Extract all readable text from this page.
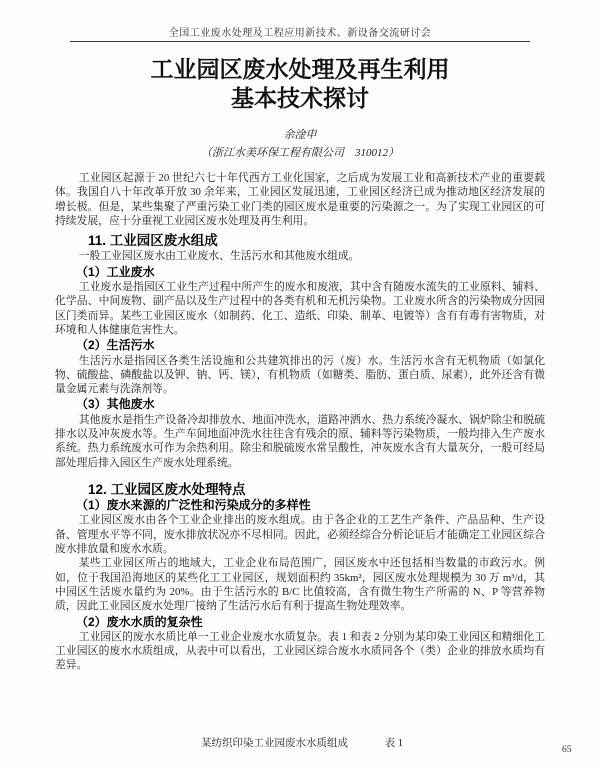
全国工业废水处理及工程应用新技术、新设备交流研讨会
工业园区废水处理及再生利用
基本技术探讨
余淦申
（浙江水美环保工程有限公司　310012）

工业园区起源于 20 世纪六七十年代西方工业化国家，之后成为发展工业和高新技术产业的重要载体。我国自八十年改革开放 30 余年来，工业园区发展迅速，工业园区经济已成为推动地区经济发展的增长极。但是，某些集聚了严重污染工业门类的园区废水是重要的污染源之一。为了实现工业园区的可持续发展，应十分重视工业园区废水处理及再生利用。

11. 工业园区废水组成

一般工业园区废水由工业废水、生活污水和其他废水组成。

（1）工业废水

工业废水是指园区工业生产过程中所产生的废水和废液，其中含有随废水流失的工业原料、辅料、化学品、中间废物、副产品以及生产过程中的各类有机和无机污染物。工业废水所含的污染物成分因园区门类而异。某些工业园区废水（如制药、化工、造纸、印染、制革、电镀等）含有有毒有害物质，对环境和人体健康危害性大。

（2）生活污水

生活污水是指园区各类生活设施和公共建筑排出的污（废）水。生活污水含有无机物质（如氯化物、硫酸盐、磷酸盐以及钾、钠、钙、镁），有机物质（如糖类、脂肪、蛋白质、尿素），此外还含有微量金属元素与洗涤剂等。

（3）其他废水

其他废水是指生产设备冷却排放水、地面冲洗水，道路冲洒水、热力系统冷凝水、锅炉除尘和脱硫排水以及冲灰废水等。生产车间地面冲洗水往往含有残余的原、辅料等污染物质，一般均排入生产废水系统。热力系统废水可作为余热利用。除尘和脱硫废水常呈酸性，冲灰废水含有大量灰分，一般可经局部处理后排入园区生产废水处理系统。

12. 工业园区废水处理特点
（1）废水来源的广泛性和污染成分的多样性

工业园区废水由各个工业企业排出的废水组成。由于各企业的工艺生产条件、产品品种、生产设备、管理水平等不同，废水排放状况亦不尽相同。因此，必须经综合分析论证后才能确定工业园区综合废水排放量和废水水质。

某些工业园区所占的地域大，工业企业布局范围广，园区废水中还包括相当数量的市政污水。例如，位于我国沿海地区的某些化工工业园区，规划面积约 35km²，园区废水处理规模为 30 万 m³/d，其中园区生活废水量约为 20%。由于生活污水的 B/C 比值较高，含有微生物生产所需的 N、P 等营养物质，因此工业园区废水处理厂接纳了生活污水后有利于提高生物处理效率。

（2）废水水质的复杂性

工业园区的废水水质比单一工业企业废水水质复杂。表 1 和表 2 分别为某印染工业园区和精细化工工业园区的废水水质组成，从表中可以看出，工业园区综合废水水质同各个（类）企业的排放水质均有差异。

某纺织印染工业园废水水质组成	表 1
65
